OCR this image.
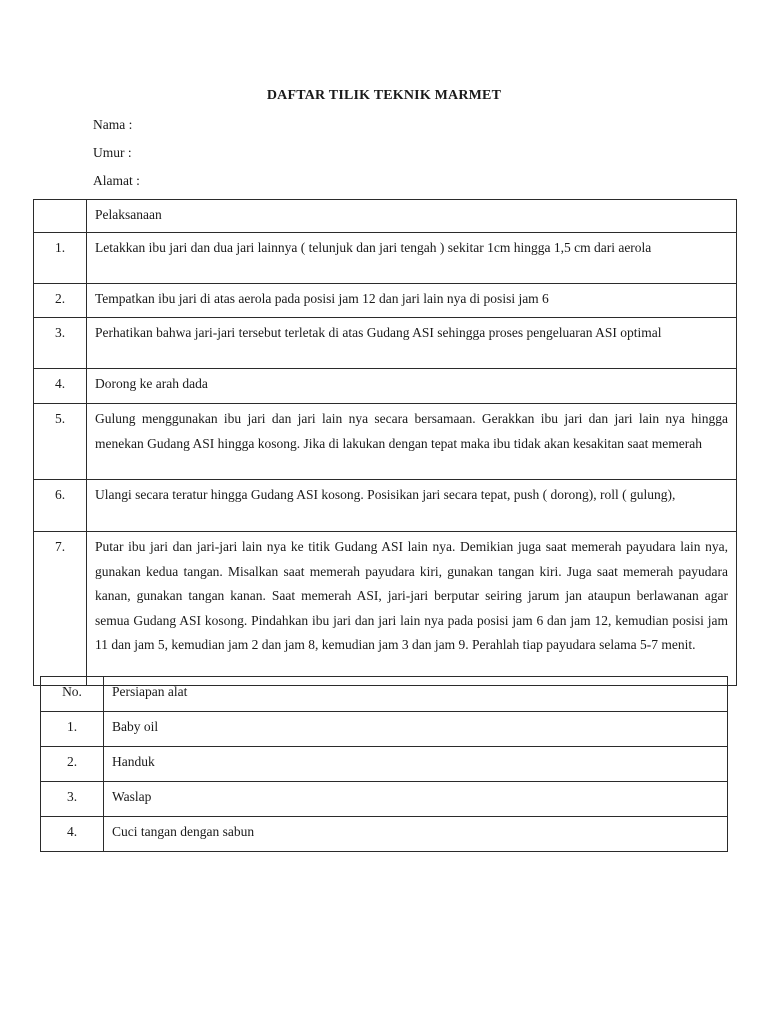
DAFTAR TILIK TEKNIK MARMET
Nama :
Umur :
Alamat :
	Pelaksanaan
1.	Letakkan ibu jari dan dua jari lainnya ( telunjuk dan jari tengah ) sekitar 1cm hingga 1,5 cm dari aerola
2.	Tempatkan ibu jari di atas aerola pada posisi jam 12 dan jari lain nya di posisi jam 6
3.	Perhatikan bahwa jari-jari tersebut terletak di atas Gudang ASI sehingga proses pengeluaran ASI optimal
4.	Dorong ke arah dada
5.	Gulung menggunakan ibu jari dan jari lain nya secara bersamaan. Gerakkan ibu jari dan jari lain nya hingga menekan Gudang ASI hingga kosong. Jika di lakukan dengan tepat maka ibu tidak akan kesakitan saat memerah
6.	Ulangi secara teratur hingga Gudang ASI kosong. Posisikan jari secara tepat, push ( dorong), roll ( gulung),
7.	Putar ibu jari dan jari-jari lain nya ke titik Gudang ASI lain nya. Demikian juga saat memerah payudara lain nya, gunakan kedua tangan. Misalkan saat memerah payudara kiri, gunakan tangan kiri. Juga saat memerah payudara kanan, gunakan tangan kanan. Saat memerah ASI, jari-jari berputar seiring jarum jan ataupun berlawanan agar semua Gudang ASI kosong. Pindahkan ibu jari dan jari lain nya pada posisi jam 6 dan jam 12, kemudian posisi jam 11 dan jam 5, kemudian jam 2 dan jam 8, kemudian jam 3 dan jam 9. Perahlah tiap payudara selama 5-7 menit.
No.	Persiapan alat
1.	Baby oil
2.	Handuk
3.	Waslap
4.	Cuci tangan dengan sabun
